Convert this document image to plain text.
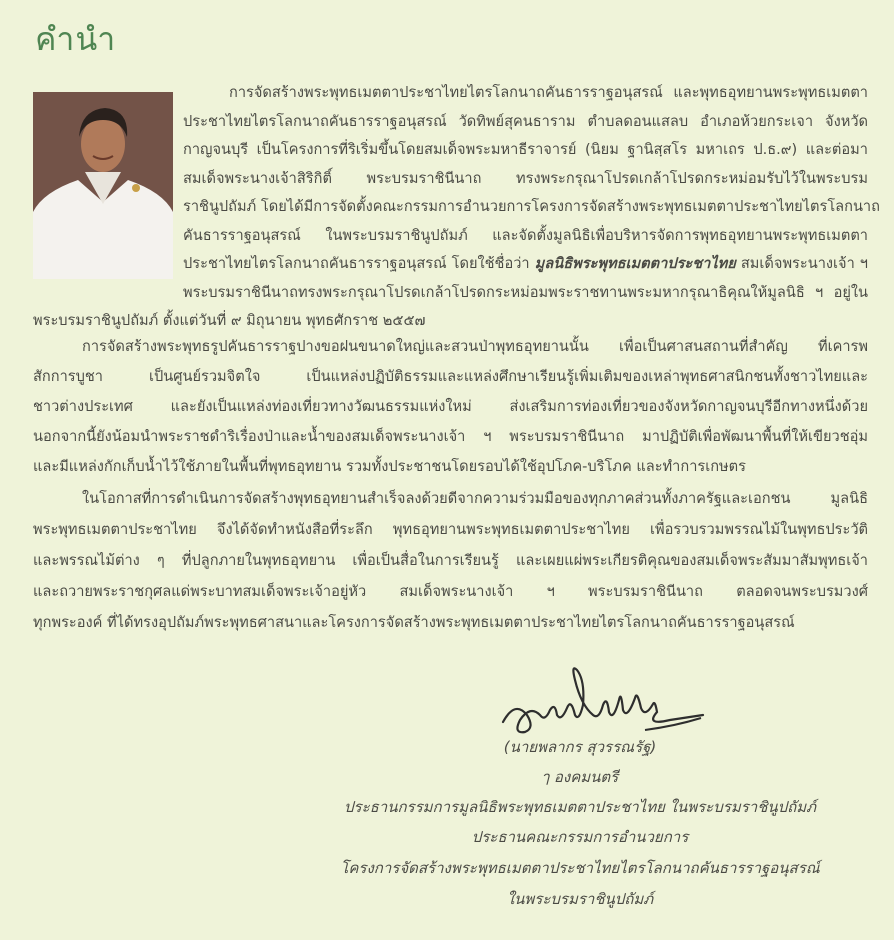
คำนำ
การจัดสร้างพระพุทธเมตตาประชาไทยไตรโลกนาถคันธารราฐอนุสรณ์ และพุทธอุทยานพระพุทธเมตตา
ประชาไทยไตรโลกนาถคันธารราฐอนุสรณ์ วัดทิพย์สุคนธาราม ตำบลดอนแสลบ อำเภอห้วยกระเจา จังหวัด
กาญจนบุรี เป็นโครงการที่ริเริ่มขึ้นโดยสมเด็จพระมหาธีราจารย์ (นิยม ฐานิสฺสโร มหาเถร ป.ธ.๙) และต่อมา
สมเด็จพระนางเจ้าสิริกิติ์ พระบรมราชินีนาถ ทรงพระกรุณาโปรดเกล้าโปรดกระหม่อมรับไว้ในพระบรม
ราชินูปถัมภ์ โดยได้มีการจัดตั้งคณะกรรมการอำนวยการโครงการจัดสร้างพระพุทธเมตตาประชาไทยไตรโลกนาถ
คันธารราฐอนุสรณ์ ในพระบรมราชินูปถัมภ์ และจัดตั้งมูลนิธิเพื่อบริหารจัดการพุทธอุทยานพระพุทธเมตตา
ประชาไทยไตรโลกนาถคันธารราฐอนุสรณ์ โดยใช้ชื่อว่า มูลนิธิพระพุทธเมตตาประชาไทย สมเด็จพระนางเจ้า ฯ
พระบรมราชินีนาถทรงพระกรุณาโปรดเกล้าโปรดกระหม่อมพระราชทานพระมหากรุณาธิคุณให้มูลนิธิ ฯ อยู่ใน
พระบรมราชินูปถัมภ์ ตั้งแต่วันที่ ๙ มิถุนายน พุทธศักราช ๒๕๕๗
การจัดสร้างพระพุทธรูปคันธารราฐปางขอฝนขนาดใหญ่และสวนป่าพุทธอุทยานนั้น เพื่อเป็นศาสนสถานที่สำคัญ ที่เคารพ
สักการบูชา เป็นศูนย์รวมจิตใจ เป็นแหล่งปฏิบัติธรรมและแหล่งศึกษาเรียนรู้เพิ่มเติมของเหล่าพุทธศาสนิกชนทั้งชาวไทยและ
ชาวต่างประเทศ และยังเป็นแหล่งท่องเที่ยวทางวัฒนธรรมแห่งใหม่ ส่งเสริมการท่องเที่ยวของจังหวัดกาญจนบุรีอีกทางหนึ่งด้วย
นอกจากนี้ยังน้อมนำพระราชดำริเรื่องป่าและน้ำของสมเด็จพระนางเจ้า ฯ พระบรมราชินีนาถ มาปฏิบัติเพื่อพัฒนาพื้นที่ให้เขียวชอุ่ม
และมีแหล่งกักเก็บน้ำไว้ใช้ภายในพื้นที่พุทธอุทยาน รวมทั้งประชาชนโดยรอบได้ใช้อุปโภค-บริโภค และทำการเกษตร
ในโอกาสที่การดำเนินการจัดสร้างพุทธอุทยานสำเร็จลงด้วยดีจากความร่วมมือของทุกภาคส่วนทั้งภาครัฐและเอกชน มูลนิธิ
พระพุทธเมตตาประชาไทย จึงได้จัดทำหนังสือที่ระลึก พุทธอุทยานพระพุทธเมตตาประชาไทย เพื่อรวบรวมพรรณไม้ในพุทธประวัติ
และพรรณไม้ต่าง ๆ ที่ปลูกภายในพุทธอุทยาน เพื่อเป็นสื่อในการเรียนรู้ และเผยแผ่พระเกียรติคุณของสมเด็จพระสัมมาสัมพุทธเจ้า
และถวายพระราชกุศลแด่พระบาทสมเด็จพระเจ้าอยู่หัว สมเด็จพระนางเจ้า ฯ พระบรมราชินีนาถ ตลอดจนพระบรมวงศ์
ทุกพระองค์ ที่ได้ทรงอุปถัมภ์พระพุทธศาสนาและโครงการจัดสร้างพระพุทธเมตตาประชาไทยไตรโลกนาถคันธารราฐอนุสรณ์
(นายพลากร สุวรรณรัฐ)
ๅ องคมนตรี
ประธานกรรมการมูลนิธิพระพุทธเมตตาประชาไทย ในพระบรมราชินูปถัมภ์
ประธานคณะกรรมการอำนวยการ
โครงการจัดสร้างพระพุทธเมตตาประชาไทยไตรโลกนาถคันธารราฐอนุสรณ์
ในพระบรมราชินูปถัมภ์
